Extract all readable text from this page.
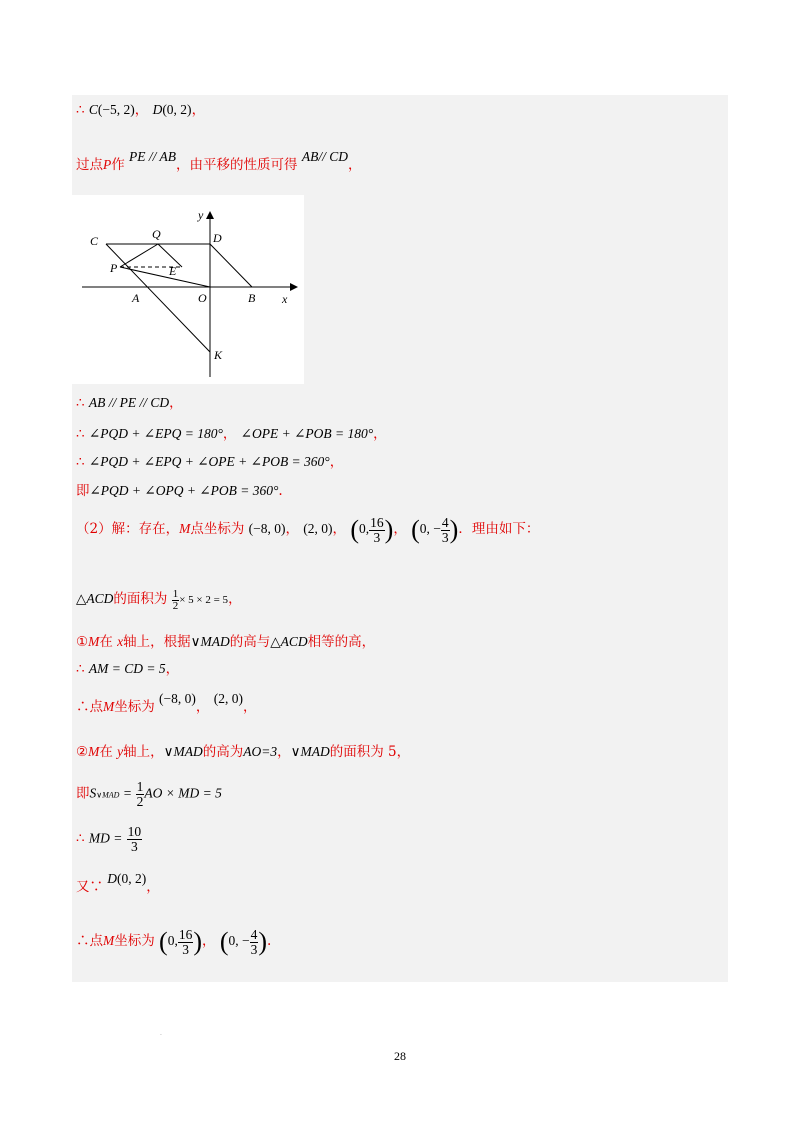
∴ C(−5, 2)， D(0, 2)，
过点P作 PE // AB，由平移的性质可得 AB// CD，
C	Q	D
P	E
A	O	B
K
x
y
∴ AB // PE // CD，
∴ ∠PQD + ∠EPQ = 180°， ∠OPE + ∠POB = 180°，
∴ ∠PQD + ∠EPQ + ∠OPE + ∠POB = 360°，
即∠PQD + ∠OPQ + ∠POB = 360°.
（2）解：存在，M点坐标为 (−8, 0)， (2, 0)， (0, $\frac{16}{3}$ )， (0, − $\frac{4}{3}$ )．理由如下：
△ACD的面积为 $\frac{1}{2} \times 5 \times 2 = 5$，
①M在 x轴上，根据∨MAD的高与△ACD相等的高，
∴ AM = CD = 5，
∴点M坐标为 (−8, 0)， (2, 0)，
②M在 y轴上，∨MAD的高为AO=3，∨MAD的面积为 5，
即S∨MAD = $\frac{1}{2}$ AO × MD = 5
∴ MD = $\frac{10}{3}$
又∵ D(0, 2)，
∴点M坐标为 (0, $\frac{16}{3}$ )， (0, − $\frac{4}{3}$ ).
.
28
